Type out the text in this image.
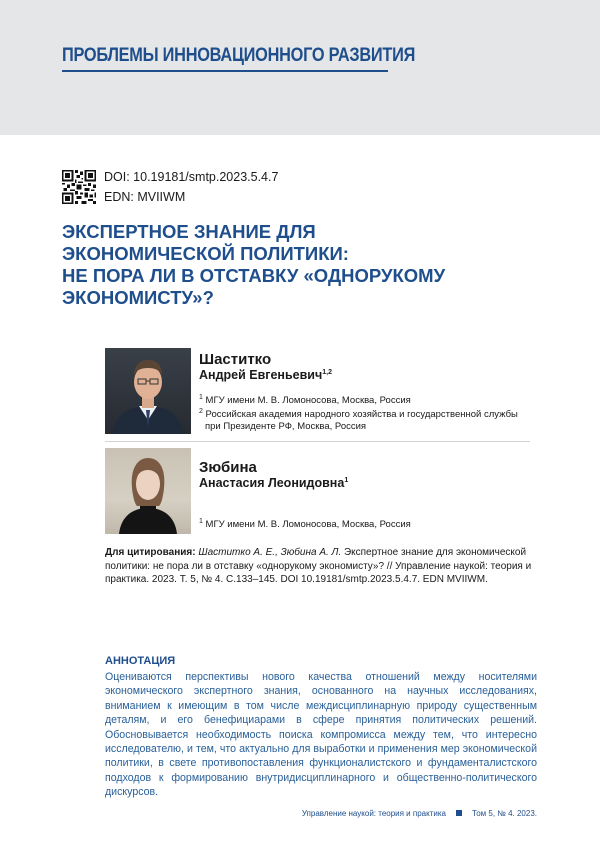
ПРОБЛЕМЫ ИННОВАЦИОННОГО РАЗВИТИЯ
DOI: 10.19181/smtp.2023.5.4.7
EDN: MVIIWM
ЭКСПЕРТНОЕ ЗНАНИЕ ДЛЯ
ЭКОНОМИЧЕСКОЙ ПОЛИТИКИ:
НЕ ПОРА ЛИ В ОТСТАВКУ «ОДНОРУКОМУ
ЭКОНОМИСТУ»?
Шаститко
Андрей Евгеньевич$^{1,2}$
$^1$ МГУ имени М. В. Ломоносова, Москва, Россия
$^2$ Российская академия народного хозяйства и государственной службы при Президенте РФ, Москва, Россия
Зюбина
Анастасия Леонидовна$^1$
$^1$ МГУ имени М. В. Ломоносова, Москва, Россия
Для цитирования: Шаститко А. Е., Зюбина А. Л. Экспертное знание для экономической политики: не пора ли в отставку «однорукому экономисту»? // Управление наукой: теория и практика. 2023. Т. 5, № 4. С.133–145. DOI 10.19181/smtp.2023.5.4.7. EDN MVIIWM.
АННОТАЦИЯ
Оцениваются перспективы нового качества отношений между носителями экономического экспертного знания, основанного на научных исследованиях, вниманием к имеющим в том числе междисциплинарную природу существенным деталям, и его бенефициарами в сфере принятия политических решений. Обосновывается необходимость поиска компромисса между тем, что интересно исследователю, и тем, что актуально для выработки и применения мер экономической политики, в свете противопоставления функционалистского и фундаменталистского подходов к формированию внутридисциплинарного и общественно-политического дискурсов.
Управление наукой: теория и практика	Том 5, № 4. 2023.
